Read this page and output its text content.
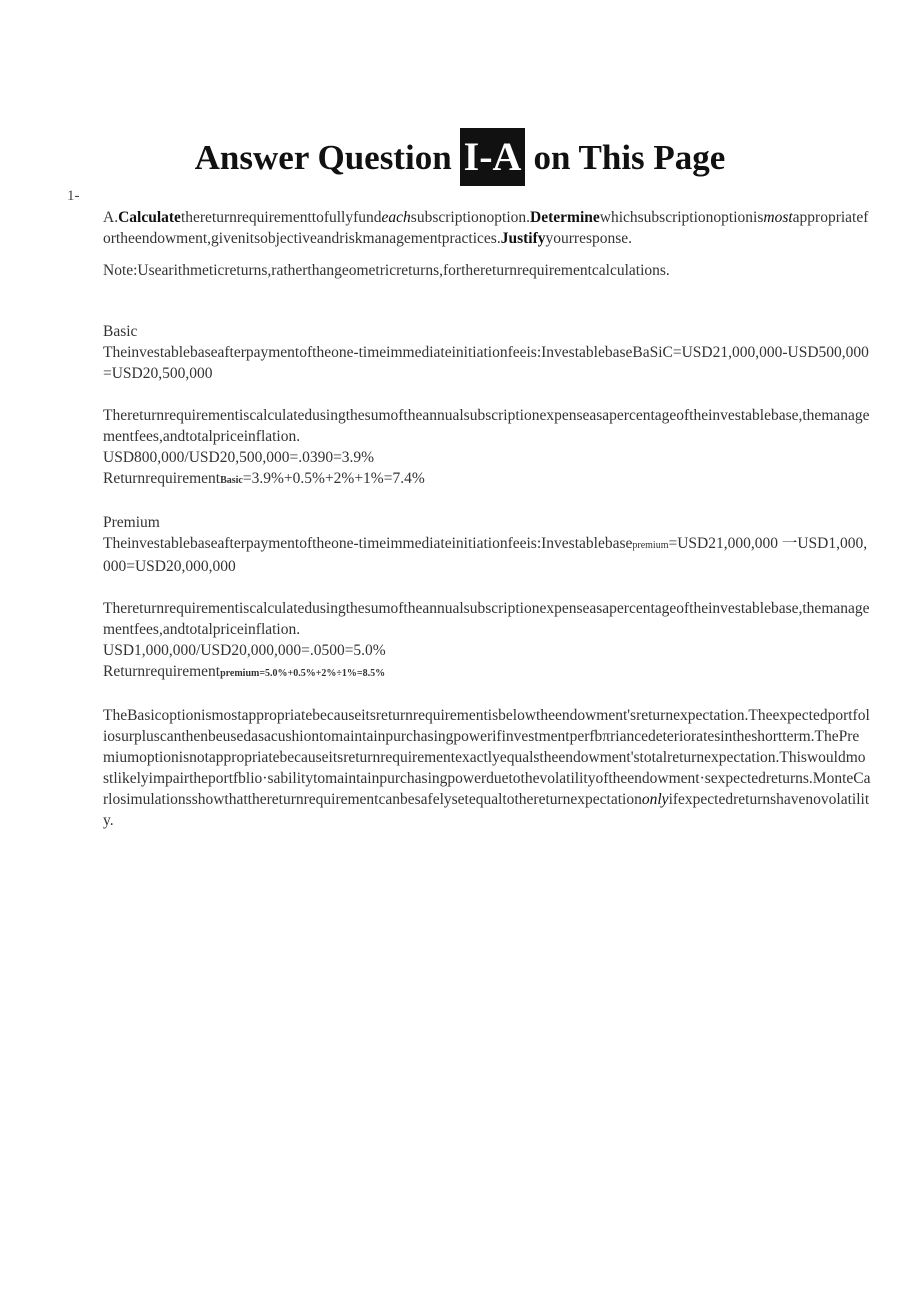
Answer Question I-A on This Page
1-

A.Calculatethereturnrequirementtofullyfundeachsubscriptionoption.Determinewhichsubscriptionoptionismostappropriatefortheendowment,givenitsobjectiveandriskmanagementpractices.Justifyyourresponse.

Note:Usearithmeticreturns,ratherthangeometricreturns,forthereturnrequirementcalculations.

Basic

Theinvestablebaseafterpaymentoftheone-timeimmediateinitiationfeeis:InvestablebaseBaSiC=USD21,000,000-USD500,000=USD20,500,000

Thereturnrequirementiscalculatedusingthesumoftheannualsubscriptionexpenseasapercentageoftheinvestablebase,themanagementfees,andtotalpriceinflation.

USD800,000/USD20,500,000=.0390=3.9%

ReturnrequirementBasic=3.9%+0.5%+2%+1%=7.4%

Premium

Theinvestablebaseafterpaymentoftheone-timeimmediateinitiationfeeis:Investablebasepremium=USD21,000,000 一USD1,000,000=USD20,000,000

Thereturnrequirementiscalculatedusingthesumoftheannualsubscriptionexpenseasapercentageoftheinvestablebase,themanagementfees,andtotalpriceinflation.

USD1,000,000/USD20,000,000=.0500=5.0%

Returnrequirementpremium=5.0%+0.5%+2%÷1%=8.5%

TheBasicoptionismostappropriatebecauseitsreturnrequirementisbelowtheendowment'sreturnexpectation.Theexpectedportfoliosurpluscanthenbeusedasacushiontomaintainpurchasingpowerifinvestmentperfbπriancedeterioratesintheshortterm.ThePremiumoptionisnotappropriatebecauseitsreturnrequirementexactlyequalstheendowment'stotalreturnexpectation.Thiswouldmostlikelyimpairtheportfblio·sabilitytomaintainpurchasingpowerduetothevolatilityoftheendowment·sexpectedreturns.MonteCarlosimulationsshowthatthereturnrequirementcanbesafelysetequaltothereturnexpectationonlyifexpectedreturnshavenovolatility.
